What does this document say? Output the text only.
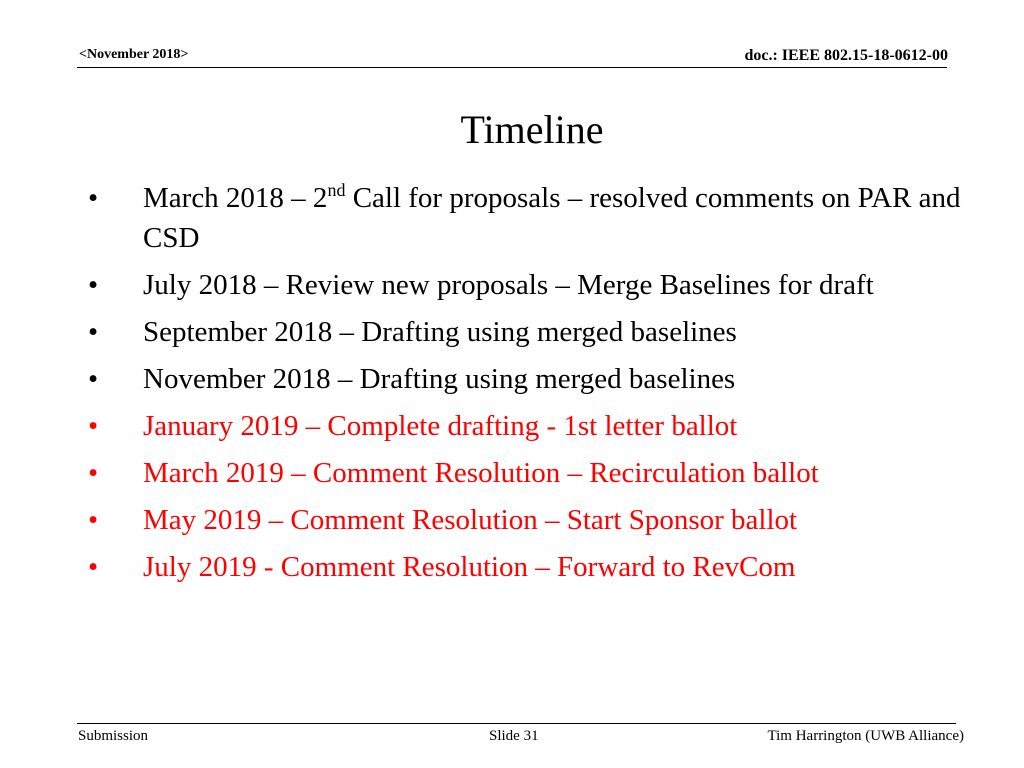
<November 2018>	doc.: IEEE 802.15-18-0612-00
Timeline
• March 2018 – 2nd Call for proposals – resolved comments on PAR and CSD
• July 2018 – Review new proposals – Merge Baselines for draft
• September 2018 – Drafting using merged baselines
• November 2018 – Drafting using merged baselines
• January 2019 – Complete drafting - 1st letter ballot
• March 2019 – Comment Resolution – Recirculation ballot
• May 2019 – Comment Resolution – Start Sponsor ballot
• July 2019 - Comment Resolution – Forward to RevCom
Submission	Slide 31	Tim Harrington (UWB Alliance)
